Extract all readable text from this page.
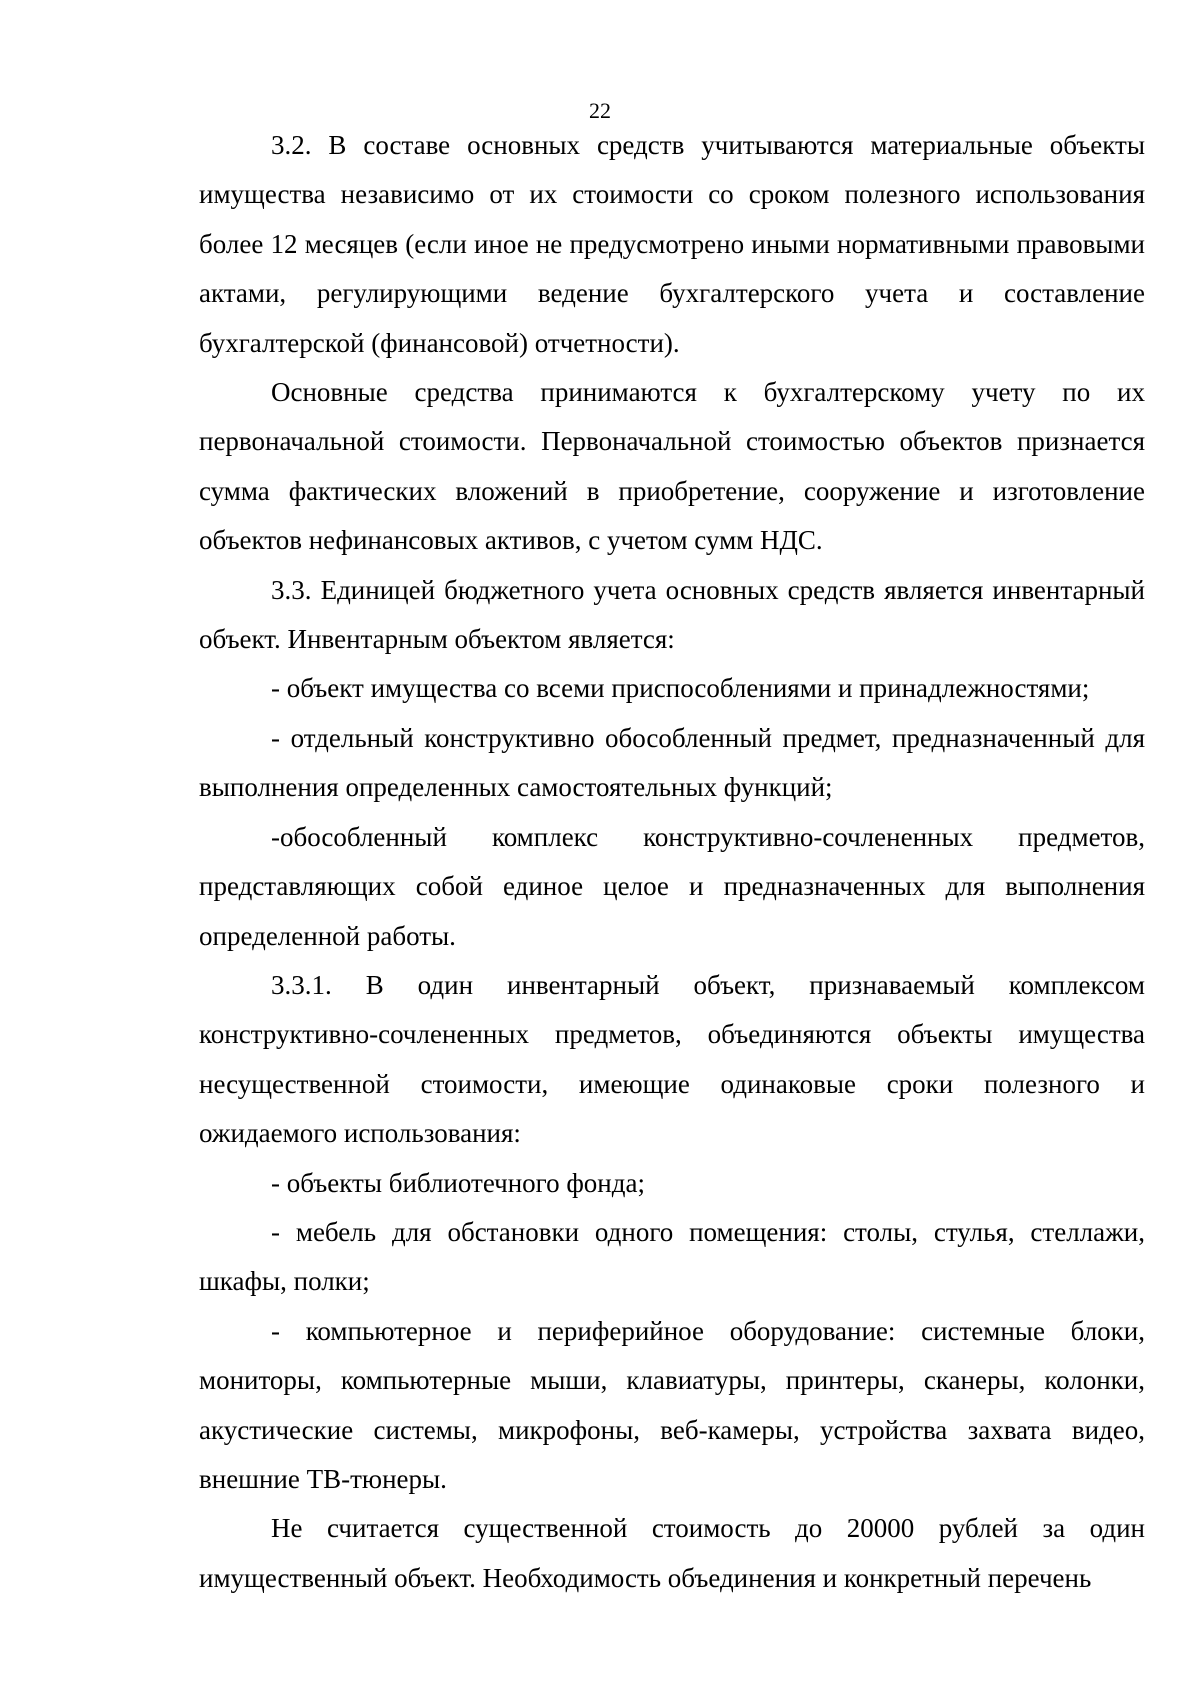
22

3.2. В составе основных средств учитываются материальные объекты имущества независимо от их стоимости со сроком полезного использования более 12 месяцев (если иное не предусмотрено иными нормативными правовыми актами, регулирующими ведение бухгалтерского учета и составление бухгалтерской (финансовой) отчетности).

Основные средства принимаются к бухгалтерскому учету по их первоначальной стоимости. Первоначальной стоимостью объектов признается сумма фактических вложений в приобретение, сооружение и изготовление объектов нефинансовых активов, с учетом сумм НДС.

3.3. Единицей бюджетного учета основных средств является инвентарный объект. Инвентарным объектом является:

- объект имущества со всеми приспособлениями и принадлежностями;

- отдельный конструктивно обособленный предмет, предназначенный для выполнения определенных самостоятельных функций;

-обособленный комплекс конструктивно-сочлененных предметов, представляющих собой единое целое и предназначенных для выполнения определенной работы.

3.3.1. В один инвентарный объект, признаваемый комплексом конструктивно-сочлененных предметов, объединяются объекты имущества несущественной стоимости, имеющие одинаковые сроки полезного и ожидаемого использования:

- объекты библиотечного фонда;

- мебель для обстановки одного помещения: столы, стулья, стеллажи, шкафы, полки;

- компьютерное и периферийное оборудование: системные блоки, мониторы, компьютерные мыши, клавиатуры, принтеры, сканеры, колонки, акустические системы, микрофоны, веб-камеры, устройства захвата видео, внешние ТВ-тюнеры.

Не считается существенной стоимость до 20000 рублей за один имущественный объект. Необходимость объединения и конкретный перечень
